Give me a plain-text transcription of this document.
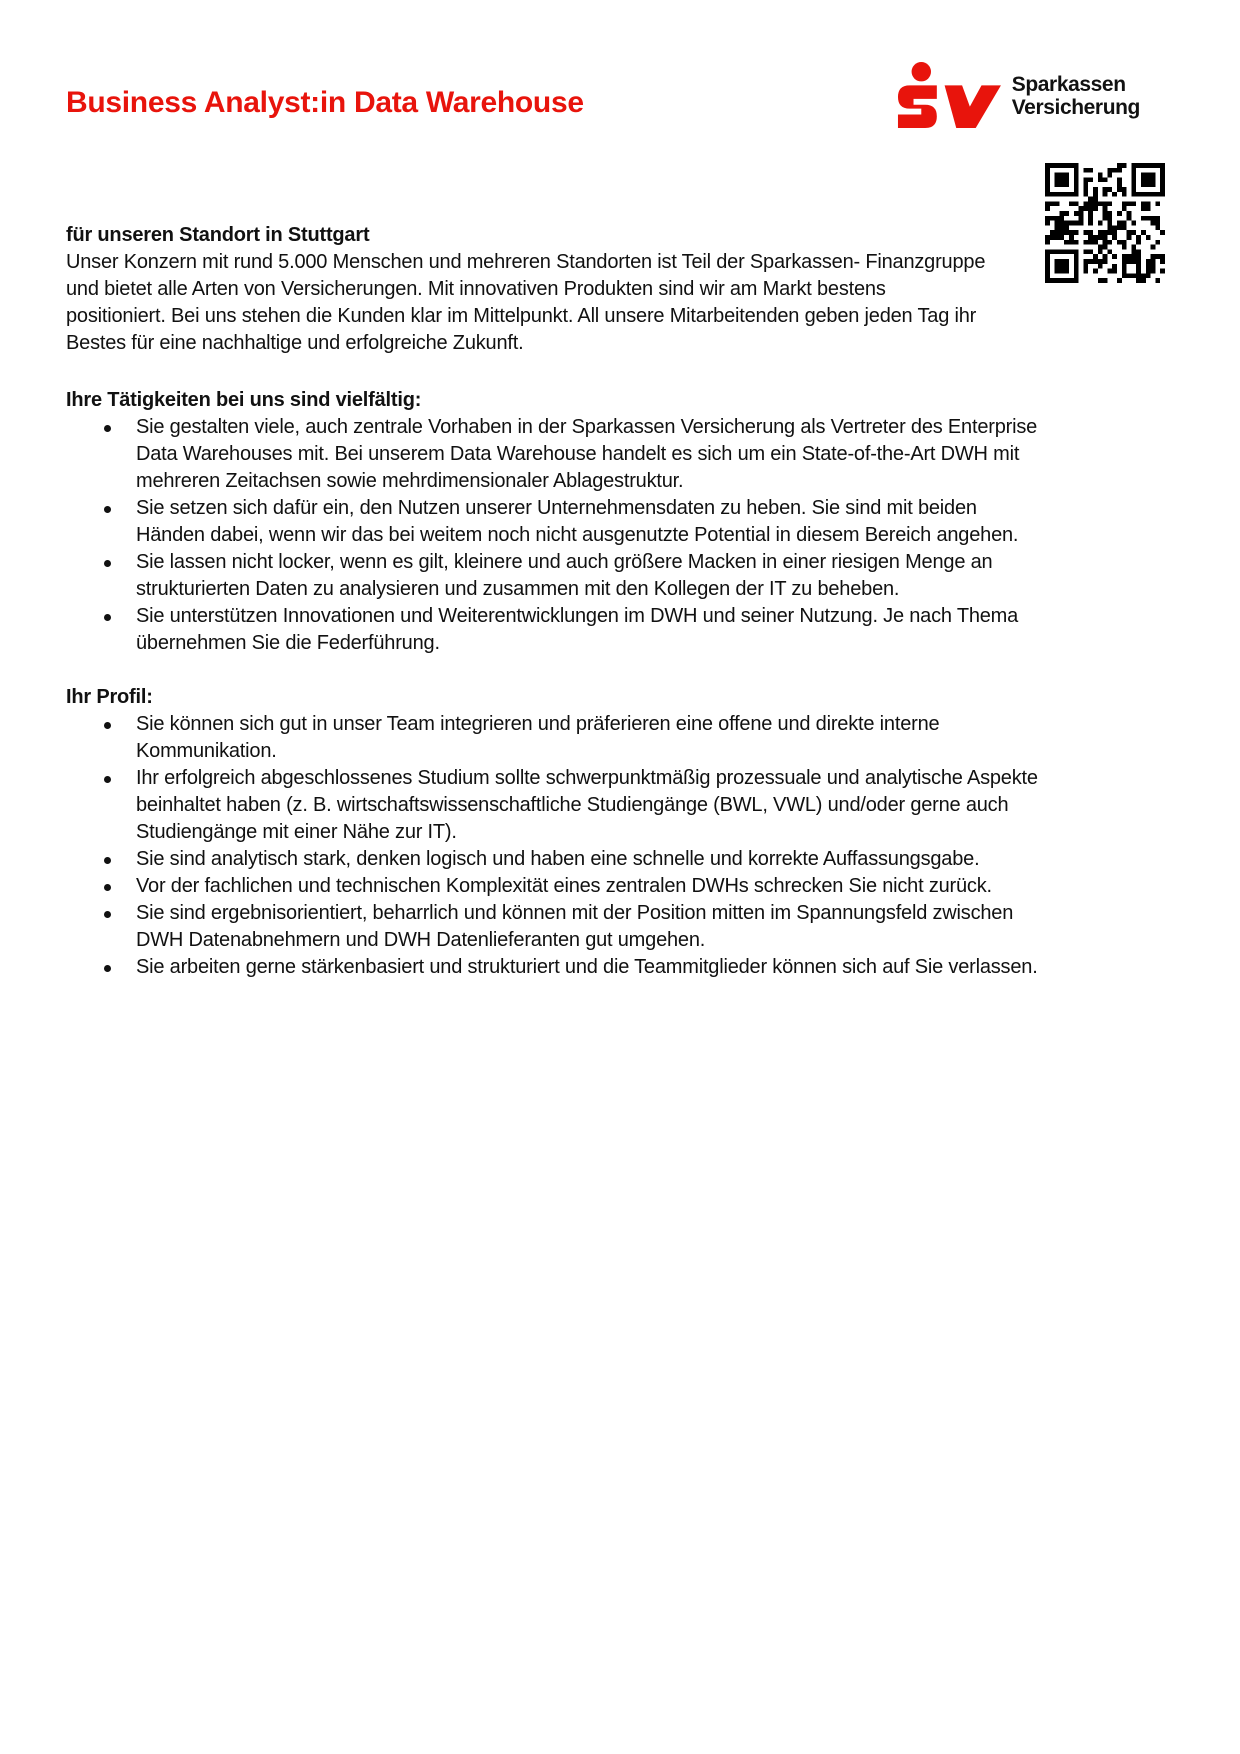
Business Analyst:in Data Warehouse
Sparkassen
Versicherung

für unseren Standort in Stuttgart

Unser Konzern mit rund 5.000 Menschen und mehreren Standorten ist Teil der Sparkassen- Finanzgruppe und bietet alle Arten von Versicherungen. Mit innovativen Produkten sind wir am Markt bestens positioniert. Bei uns stehen die Kunden klar im Mittelpunkt. All unsere Mitarbeitenden geben jeden Tag ihr Bestes für eine nachhaltige und erfolgreiche Zukunft.

Ihre Tätigkeiten bei uns sind vielfältig:

Sie gestalten viele, auch zentrale Vorhaben in der Sparkassen Versicherung als Vertreter des Enterprise Data Warehouses mit. Bei unserem Data Warehouse handelt es sich um ein State-of-the-Art DWH mit mehreren Zeitachsen sowie mehrdimensionaler Ablagestruktur.
Sie setzen sich dafür ein, den Nutzen unserer Unternehmensdaten zu heben. Sie sind mit beiden Händen dabei, wenn wir das bei weitem noch nicht ausgenutzte Potential in diesem Bereich angehen.
Sie lassen nicht locker, wenn es gilt, kleinere und auch größere Macken in einer riesigen Menge an strukturierten Daten zu analysieren und zusammen mit den Kollegen der IT zu beheben.
Sie unterstützen Innovationen und Weiterentwicklungen im DWH und seiner Nutzung. Je nach Thema übernehmen Sie die Federführung.

Ihr Profil:

Sie können sich gut in unser Team integrieren und präferieren eine offene und direkte interne Kommunikation.
Ihr erfolgreich abgeschlossenes Studium sollte schwerpunktmäßig prozessuale und analytische Aspekte beinhaltet haben (z. B. wirtschaftswissenschaftliche Studiengänge (BWL, VWL) und/oder gerne auch Studiengänge mit einer Nähe zur IT).
Sie sind analytisch stark, denken logisch und haben eine schnelle und korrekte Auffassungsgabe.
Vor der fachlichen und technischen Komplexität eines zentralen DWHs schrecken Sie nicht zurück.
Sie sind ergebnisorientiert, beharrlich und können mit der Position mitten im Spannungsfeld zwischen DWH Datenabnehmern und DWH Datenlieferanten gut umgehen.
Sie arbeiten gerne stärkenbasiert und strukturiert und die Teammitglieder können sich auf Sie verlassen.
